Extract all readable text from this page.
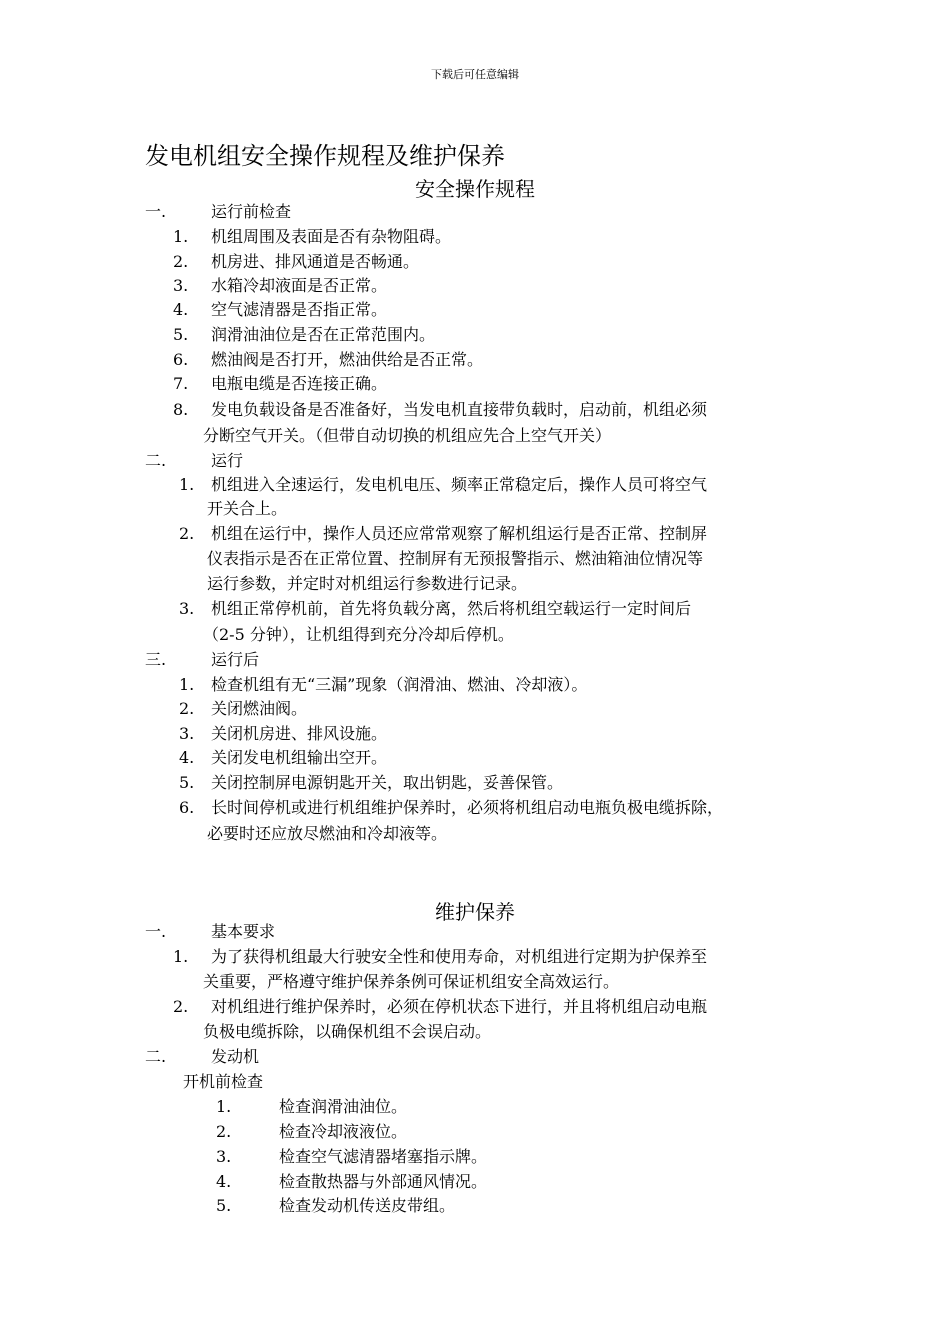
下载后可任意编辑
发电机组安全操作规程及维护保养
安全操作规程
一.	运行前检查
1. 机组周围及表面是否有杂物阻碍。
2. 机房进、排风通道是否畅通。
3. 水箱冷却液面是否正常。
4. 空气滤清器是否指正常。
5. 润滑油油位是否在正常范围内。
6. 燃油阀是否打开，燃油供给是否正常。
7. 电瓶电缆是否连接正确。
8. 发电负载设备是否准备好，当发电机直接带负载时，启动前，机组必须
分断空气开关。（但带自动切换的机组应先合上空气开关）
二.	运行
1. 机组进入全速运行，发电机电压、频率正常稳定后，操作人员可将空气
开关合上。
2. 机组在运行中，操作人员还应常常观察了解机组运行是否正常、控制屏
仪表指示是否在正常位置、控制屏有无预报警指示、燃油箱油位情况等
运行参数，并定时对机组运行参数进行记录。
3. 机组正常停机前，首先将负载分离，然后将机组空载运行一定时间后
（2-5 分钟），让机组得到充分冷却后停机。
三.	运行后
1. 检查机组有无“三漏”现象（润滑油、燃油、冷却液）。
2. 关闭燃油阀。
3. 关闭机房进、排风设施。
4. 关闭发电机组输出空开。
5. 关闭控制屏电源钥匙开关，取出钥匙，妥善保管。
6. 长时间停机或进行机组维护保养时，必须将机组启动电瓶负极电缆拆除，
必要时还应放尽燃油和冷却液等。
维护保养
一.	基本要求
1. 为了获得机组最大行驶安全性和使用寿命，对机组进行定期为护保养至
关重要，严格遵守维护保养条例可保证机组安全高效运行。
2. 对机组进行维护保养时，必须在停机状态下进行，并且将机组启动电瓶
负极电缆拆除，以确保机组不会误启动。
二.	发动机
开机前检查
1.	检查润滑油油位。
2.	检查冷却液液位。
3.	检查空气滤清器堵塞指示牌。
4.	检查散热器与外部通风情况。
5.	检查发动机传送皮带组。
